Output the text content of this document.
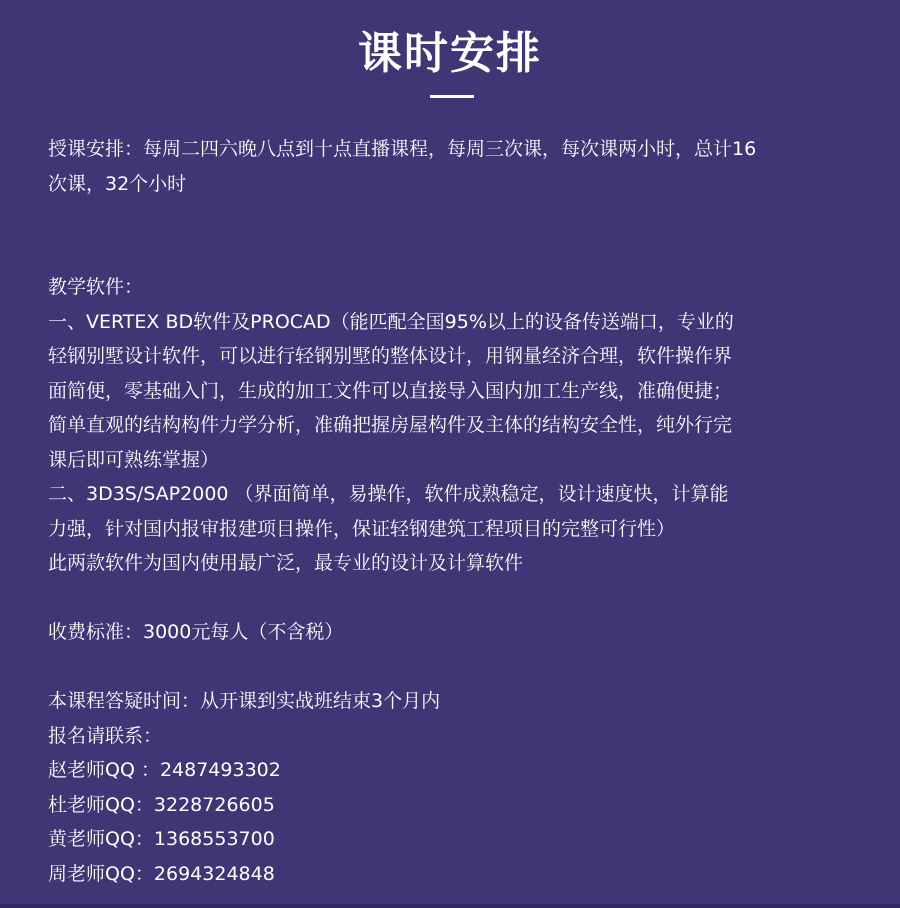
课时安排

授课安排：每周二四六晚八点到十点直播课程，每周三次课，每次课两小时，总计16

次课，32个小时

教学软件：

一、VERTEX BD软件及PROCAD（能匹配全国95%以上的设备传送端口，专业的

轻钢别墅设计软件，可以进行轻钢别墅的整体设计，用钢量经济合理，软件操作界

面简便，零基础入门，生成的加工文件可以直接导入国内加工生产线，准确便捷；

简单直观的结构构件力学分析，准确把握房屋构件及主体的结构安全性，纯外行完

课后即可熟练掌握）

二、3D3S/SAP2000 （界面简单，易操作，软件成熟稳定，设计速度快，计算能

力强，针对国内报审报建项目操作，保证轻钢建筑工程项目的完整可行性）

此两款软件为国内使用最广泛，最专业的设计及计算软件

收费标准：3000元每人（不含税）

本课程答疑时间：从开课到实战班结束3个月内

报名请联系：

赵老师QQ ：2487493302

杜老师QQ：3228726605

黄老师QQ：1368553700

周老师QQ：2694324848
